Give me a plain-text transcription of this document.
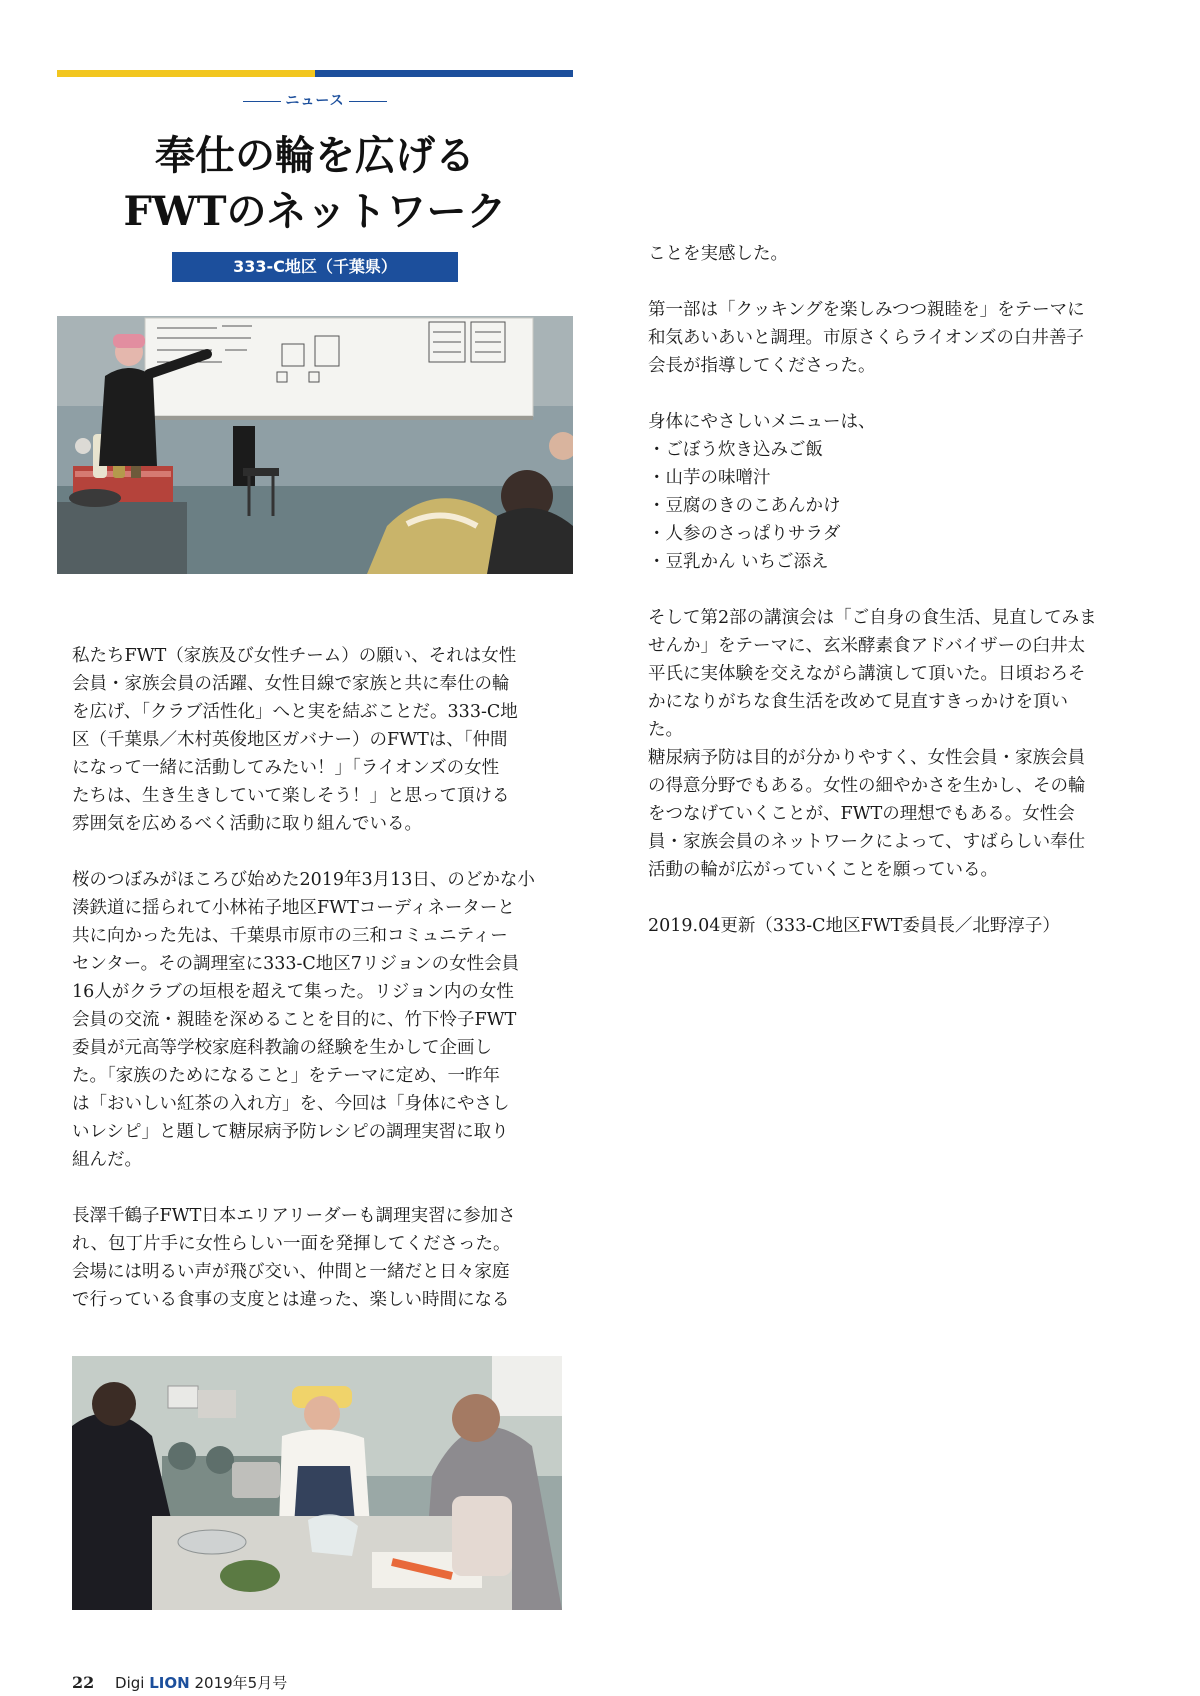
ニュース
奉仕の輪を広げる
FWTのネットワーク
333-C地区（千葉県）

私たちFWT（家族及び女性チーム）の願い、それは女性
会員・家族会員の活躍、女性目線で家族と共に奉仕の輪
を広げ、「クラブ活性化」へと実を結ぶことだ。333-C地
区（千葉県／木村英俊地区ガバナー）のFWTは、「仲間
になって一緒に活動してみたい！」「ライオンズの女性
たちは、生き生きしていて楽しそう！」と思って頂ける
雰囲気を広めるべく活動に取り組んでいる。

桜のつぼみがほころび始めた2019年3月13日、のどかな小
湊鉄道に揺られて小林祐子地区FWTコーディネーターと
共に向かった先は、千葉県市原市の三和コミュニティー
センター。その調理室に333-C地区7リジョンの女性会員
16人がクラブの垣根を超えて集った。リジョン内の女性
会員の交流・親睦を深めることを目的に、竹下怜子FWT
委員が元高等学校家庭科教諭の経験を生かして企画し
た。「家族のためになること」をテーマに定め、一昨年
は「おいしい紅茶の入れ方」を、今回は「身体にやさし
いレシピ」と題して糖尿病予防レシピの調理実習に取り
組んだ。

長澤千鶴子FWT日本エリアリーダーも調理実習に参加さ
れ、包丁片手に女性らしい一面を発揮してくださった。
会場には明るい声が飛び交い、仲間と一緒だと日々家庭
で行っている食事の支度とは違った、楽しい時間になる

ことを実感した。

第一部は「クッキングを楽しみつつ親睦を」をテーマに
和気あいあいと調理。市原さくらライオンズの白井善子
会長が指導してくださった。

身体にやさしいメニューは、

・ごぼう炊き込みご飯

・山芋の味噌汁

・豆腐のきのこあんかけ

・人参のさっぱりサラダ

・豆乳かん いちご添え

そして第2部の講演会は「ご自身の食生活、見直してみま
せんか」をテーマに、玄米酵素食アドバイザーの臼井太
平氏に実体験を交えながら講演して頂いた。日頃おろそ
かになりがちな食生活を改めて見直すきっかけを頂い
た。
糖尿病予防は目的が分かりやすく、女性会員・家族会員
の得意分野でもある。女性の細やかさを生かし、その輪
をつなげていくことが、FWTの理想でもある。女性会
員・家族会員のネットワークによって、すばらしい奉仕
活動の輪が広がっていくことを願っている。

2019.04更新（333-C地区FWT委員長／北野淳子）

22 Digi LION 2019年5月号
